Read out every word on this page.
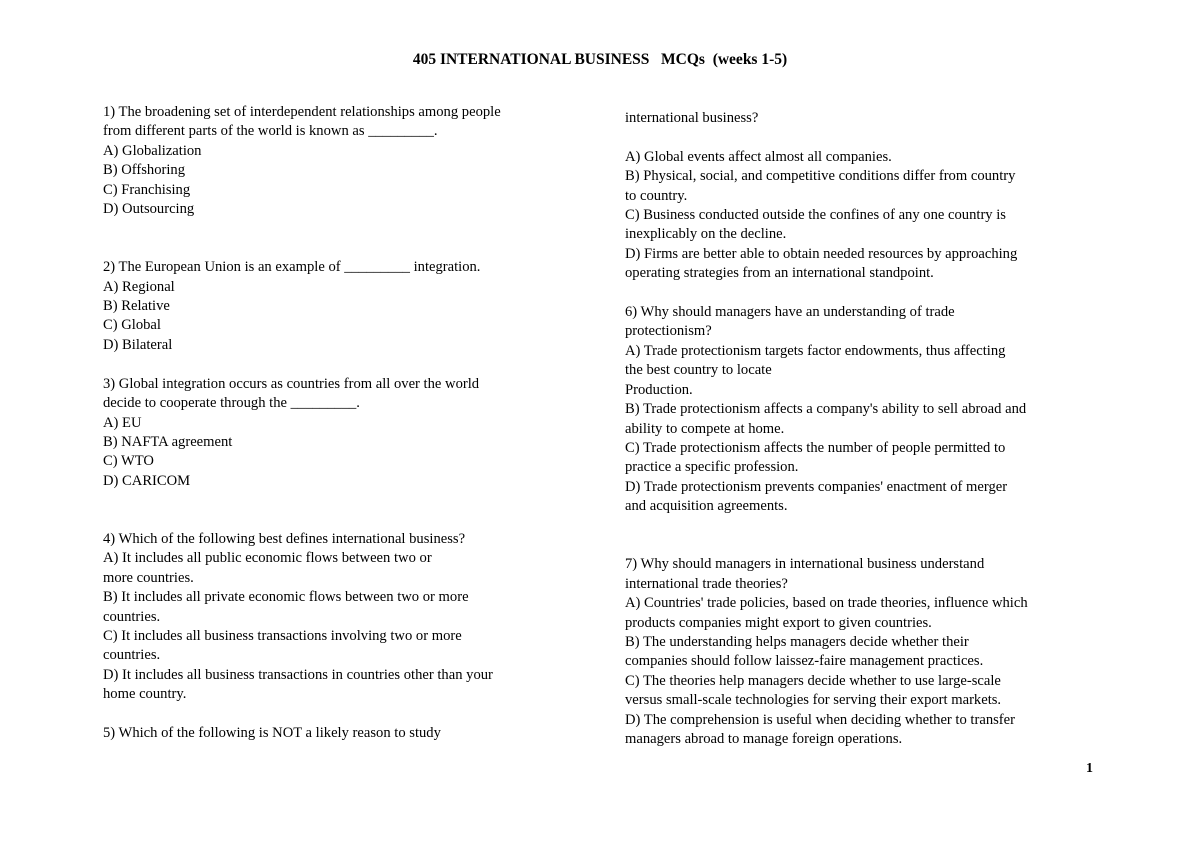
405 INTERNATIONAL BUSINESS   MCQs  (weeks 1-5)
1) The broadening set of interdependent relationships among people
from different parts of the world is known as _________.
A) Globalization
B) Offshoring
C) Franchising
D) Outsourcing

2) The European Union is an example of _________ integration.
A) Regional
B) Relative
C) Global
D) Bilateral

3) Global integration occurs as countries from all over the world
decide to cooperate through the _________.
A) EU
B) NAFTA agreement
C) WTO
D) CARICOM

4) Which of the following best defines international business?
A) It includes all public economic flows between two or
more countries.
B) It includes all private economic flows between two or more
countries.
C) It includes all business transactions involving two or more
countries.
D) It includes all business transactions in countries other than your
home country.

5) Which of the following is NOT a likely reason to study
international business?

A) Global events affect almost all companies.
B) Physical, social, and competitive conditions differ from country
to country.
C) Business conducted outside the confines of any one country is
inexplicably on the decline.
D) Firms are better able to obtain needed resources by approaching
operating strategies from an international standpoint.

6) Why should managers have an understanding of trade
protectionism?
A) Trade protectionism targets factor endowments, thus affecting
the best country to locate
Production.
B) Trade protectionism affects a company's ability to sell abroad and
ability to compete at home.
C) Trade protectionism affects the number of people permitted to
practice a specific profession.
D) Trade protectionism prevents companies' enactment of merger
and acquisition agreements.

7) Why should managers in international business understand
international trade theories?
A) Countries' trade policies, based on trade theories, influence which
products companies might export to given countries.
B) The understanding helps managers decide whether their
companies should follow laissez-faire management practices.
C) The theories help managers decide whether to use large-scale
versus small-scale technologies for serving their export markets.
D) The comprehension is useful when deciding whether to transfer
managers abroad to manage foreign operations.
1
